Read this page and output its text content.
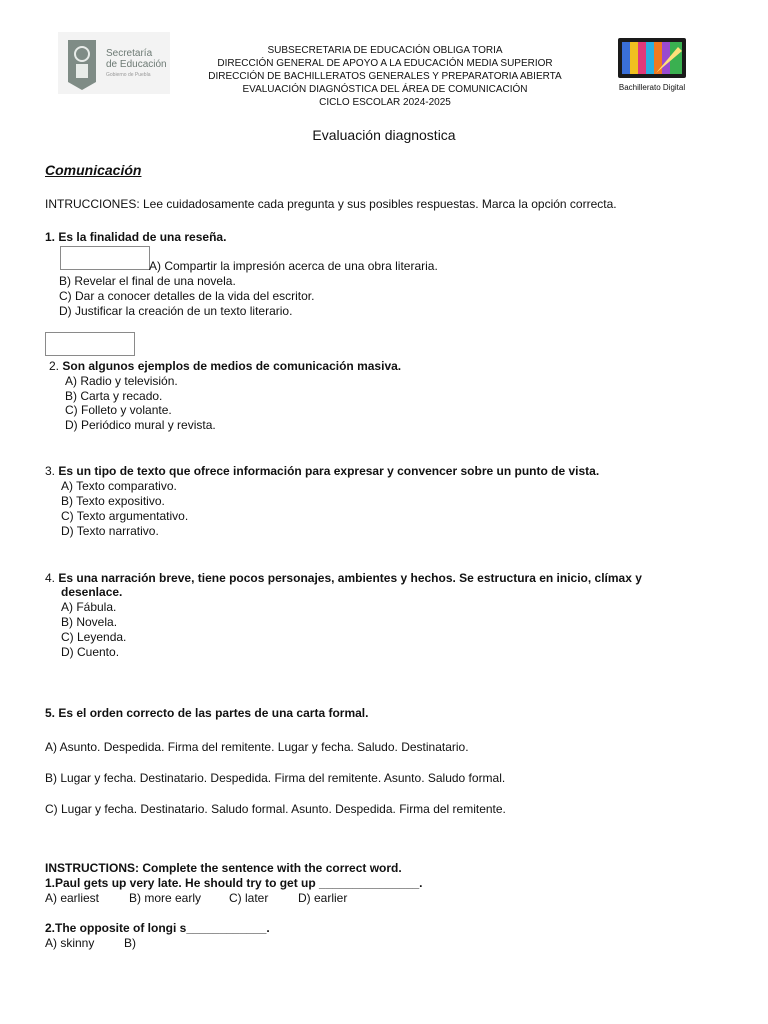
Secretaría
de Educación
Gobierno de Puebla
SUBSECRETARIA DE EDUCACIÓN OBLIGA TORIA
DIRECCIÓN GENERAL DE APOYO A LA EDUCACIÓN MEDIA SUPERIOR
DIRECCIÓN DE BACHILLERATOS GENERALES Y PREPARATORIA ABIERTA
EVALUACIÓN DIAGNÓSTICA DEL ÁREA DE COMUNICACIÓN
CICLO ESCOLAR 2024-2025
Bachillerato Digital
Evaluación diagnostica
Comunicación
INTRUCCIONES: Lee cuidadosamente cada pregunta y sus posibles respuestas. Marca la opción correcta.
1. Es la finalidad de una reseña.
A) Compartir la impresión acerca de una obra literaria.
B) Revelar el final de una novela.
C) Dar a conocer detalles de la vida del escritor.
D) Justificar la creación de un texto literario.
2. Son algunos ejemplos de medios de comunicación masiva.
A) Radio y televisión.
B) Carta y recado.
C) Folleto y volante.
D) Periódico mural y revista.
3. Es un tipo de texto que ofrece información para expresar y convencer sobre un punto de vista.
A) Texto comparativo.
B) Texto expositivo.
C) Texto argumentativo.
D) Texto narrativo.
4. Es una narración breve, tiene pocos personajes, ambientes y hechos. Se estructura en inicio, clímax y
desenlace.
A) Fábula.
B) Novela.
C) Leyenda.
D) Cuento.
5. Es el orden correcto de las partes de una carta formal.
A) Asunto. Despedida. Firma del remitente. Lugar y fecha. Saludo. Destinatario.
B) Lugar y fecha. Destinatario. Despedida. Firma del remitente. Asunto. Saludo formal.
C) Lugar y fecha. Destinatario. Saludo formal. Asunto. Despedida. Firma del remitente.
INSTRUCTIONS: Complete the sentence with the correct word.
1.Paul gets up very late. He should try to get up _______________.
A) earliest B) more early C) later D) earlier
2.The opposite of longi s____________.
A) skinny B)
